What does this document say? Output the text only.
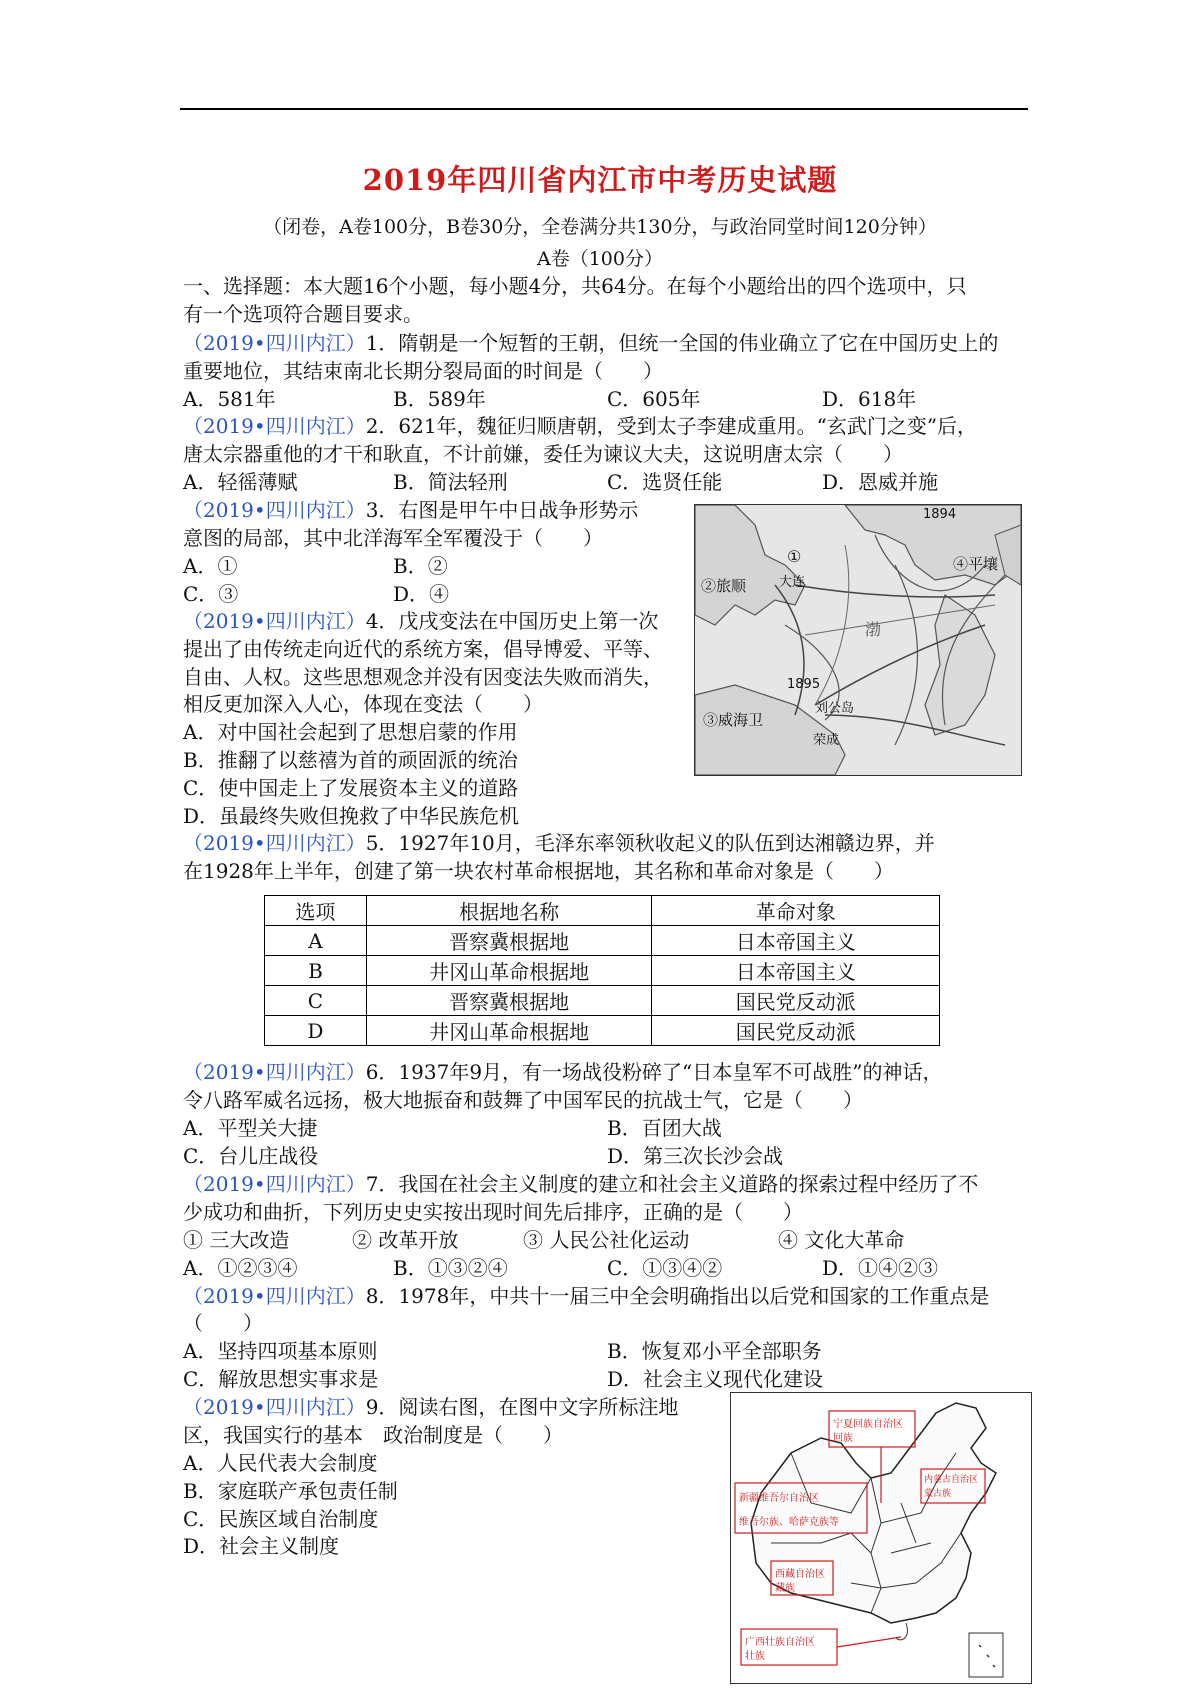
2019年四川省内江市中考历史试题
（闭卷，A卷100分，B卷30分，全卷满分共130分，与政治同堂时间120分钟）
A卷（100分）
一、选择题：本大题16个小题，每小题4分，共64分。在每个小题给出的四个选项中，只
有一个选项符合题目要求。
（2019•四川内江）1．隋朝是一个短暂的王朝，但统一全国的伟业确立了它在中国历史上的
重要地位，其结束南北长期分裂局面的时间是（　　）
A．581年	B．589年	C．605年	D．618年
（2019•四川内江）2．621年，魏征归顺唐朝，受到太子李建成重用。“玄武门之变”后，
唐太宗器重他的才干和耿直，不计前嫌，委任为谏议大夫，这说明唐太宗（　　）
A．轻徭薄赋	B．简法轻刑	C．选贤任能	D．恩威并施
（2019•四川内江）3．右图是甲午中日战争形势示
意图的局部，其中北洋海军全军覆没于（　　）
A．①	B．②
C．③	D．④
1894
1895
①	④平壤
②旅顺	大连
③威海卫
刘公岛
荣成
渤
（2019•四川内江）4．戊戌变法在中国历史上第一次
提出了由传统走向近代的系统方案，倡导博爱、平等、
自由、人权。这些思想观念并没有因变法失败而消失，
相反更加深入人心，体现在变法（　　）
A．对中国社会起到了思想启蒙的作用
B．推翻了以慈禧为首的顽固派的统治
C．使中国走上了发展资本主义的道路
D．虽最终失败但挽救了中华民族危机
（2019•四川内江）5．1927年10月，毛泽东率领秋收起义的队伍到达湘赣边界，并
在1928年上半年，创建了第一块农村革命根据地，其名称和革命对象是（　　）
选项	根据地名称	革命对象
A	晋察冀根据地	日本帝国主义
B	井冈山革命根据地	日本帝国主义
C	晋察冀根据地	国民党反动派
D	井冈山革命根据地	国民党反动派
（2019•四川内江）6．1937年9月，有一场战役粉碎了“日本皇军不可战胜”的神话，
令八路军威名远扬，极大地振奋和鼓舞了中国军民的抗战士气，它是（　　）
A．平型关大捷	B．百团大战
C．台儿庄战役	D．第三次长沙会战
（2019•四川内江）7．我国在社会主义制度的建立和社会主义道路的探索过程中经历了不
少成功和曲折，下列历史史实按出现时间先后排序，正确的是（　　）
① 三大改造	② 改革开放	③ 人民公社化运动	④ 文化大革命
A．①②③④	B．①③②④	C．①③④②	D．①④②③
（2019•四川内江）8．1978年，中共十一届三中全会明确指出以后党和国家的工作重点是
（　　）
A．坚持四项基本原则	B．恢复邓小平全部职务
C．解放思想实事求是	D．社会主义现代化建设
（2019•四川内江）9．阅读右图，在图中文字所标注地
区，我国实行的基本　政治制度是（　　）
A．人民代表大会制度
B．家庭联产承包责任制
C．民族区域自治制度
D．社会主义制度
宁夏回族自治区
回族
内蒙古自治区
蒙古族
新疆维吾尔自治区
维吾尔族、哈萨克族等
西藏自治区
藏族
广西壮族自治区
壮族
